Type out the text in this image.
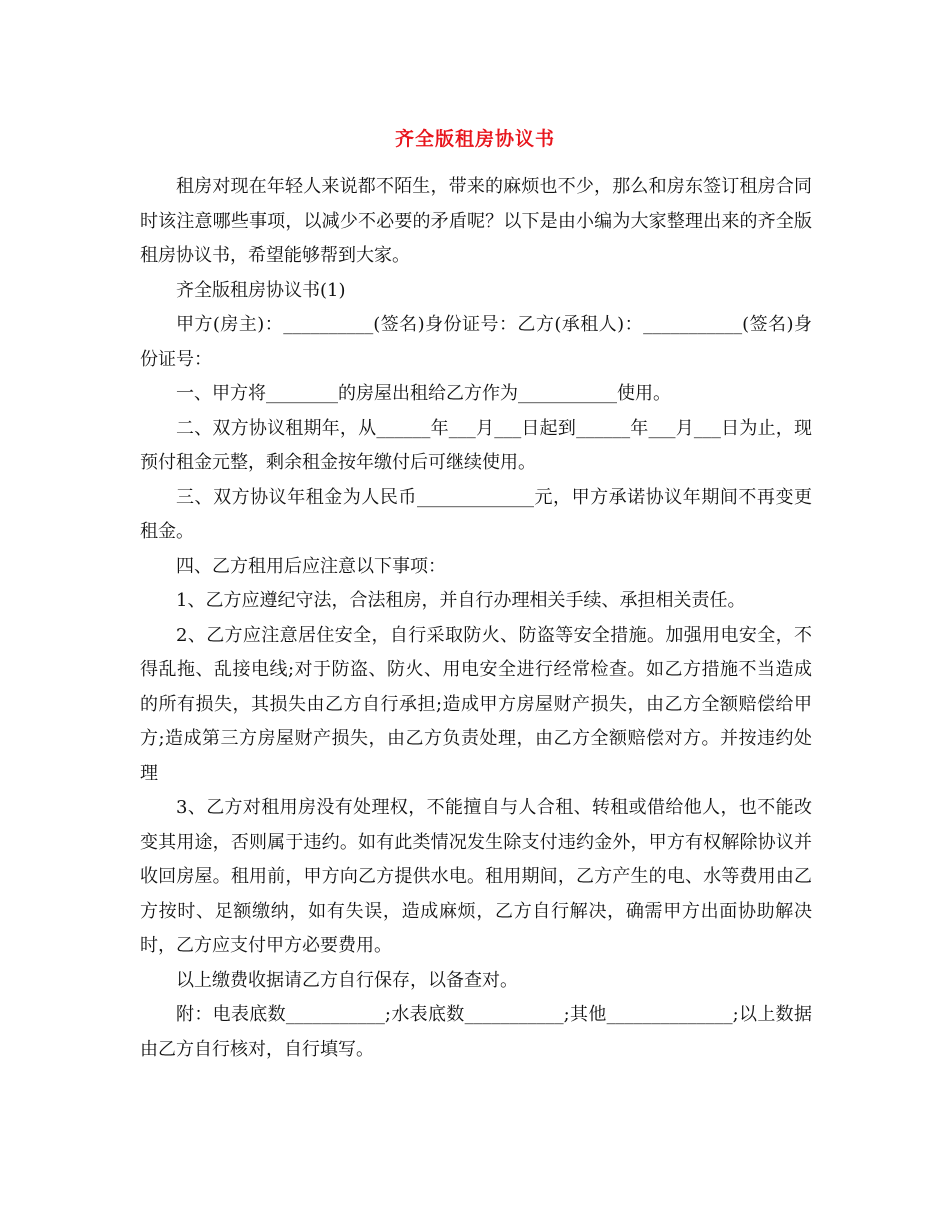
齐全版租房协议书

租房对现在年轻人来说都不陌生，带来的麻烦也不少，那么和房东签订租房合同时该注意哪些事项，以减少不必要的矛盾呢？以下是由小编为大家整理出来的齐全版租房协议书，希望能够帮到大家。

齐全版租房协议书(1)

甲方(房主)：__________(签名)身份证号：乙方(承租人)：___________(签名)身份证号：

一、甲方将________的房屋出租给乙方作为___________使用。

二、双方协议租期年，从______年___月___日起到______年___月___日为止，现预付租金元整，剩余租金按年缴付后可继续使用。

三、双方协议年租金为人民币_____________元，甲方承诺协议年期间不再变更租金。

四、乙方租用后应注意以下事项：

1、乙方应遵纪守法，合法租房，并自行办理相关手续、承担相关责任。

2、乙方应注意居住安全，自行采取防火、防盗等安全措施。加强用电安全，不得乱拖、乱接电线;对于防盗、防火、用电安全进行经常检查。如乙方措施不当造成的所有损失，其损失由乙方自行承担;造成甲方房屋财产损失，由乙方全额赔偿给甲方;造成第三方房屋财产损失，由乙方负责处理，由乙方全额赔偿对方。并按违约处理

3、乙方对租用房没有处理权，不能擅自与人合租、转租或借给他人，也不能改变其用途，否则属于违约。如有此类情况发生除支付违约金外，甲方有权解除协议并收回房屋。租用前，甲方向乙方提供水电。租用期间，乙方产生的电、水等费用由乙方按时、足额缴纳，如有失误，造成麻烦，乙方自行解决，确需甲方出面协助解决时，乙方应支付甲方必要费用。

以上缴费收据请乙方自行保存，以备查对。

附：电表底数___________;水表底数___________;其他______________;以上数据由乙方自行核对，自行填写。
